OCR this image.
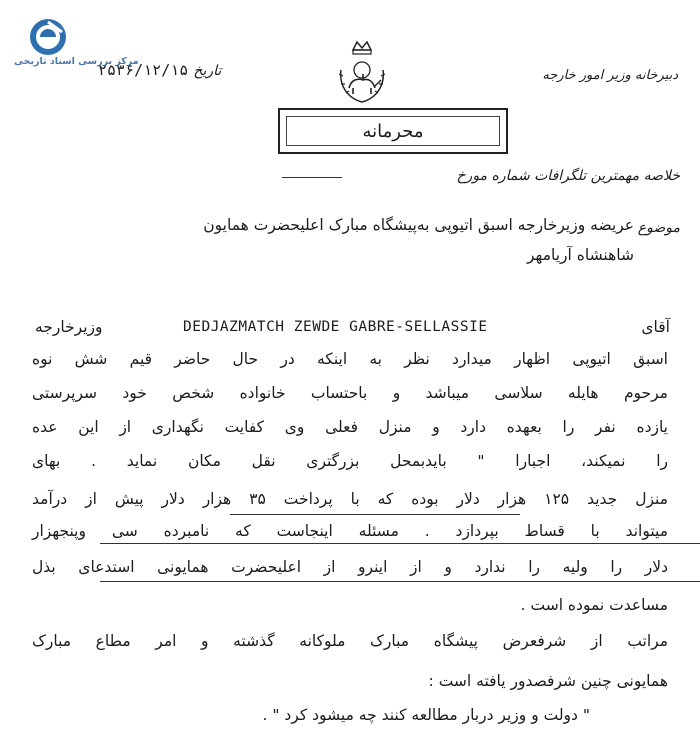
مرکز بررسی اسناد تاریخی
تاریخ ۲۵۳۶/۱۲/۱۵	دبیرخانه وزیر امور خارجه
محرمانه
خلاصه مهمترین تلگرافات شماره مورخ
موضوع
عریضه وزیرخارجه اسبق اتیوپی به‌پیشگاه مبارک اعلیحضرت همایون
شاهنشاه آریامهر
آقای
DEDJAZMATCH ZEWDE GABRE-SELLASSIE
وزیرخارجه
اسبق اتیوپی اظهار میدارد نظر به اینکه در حال حاضر قیم شش نوه
مرحوم هایله سلاسی میباشد و باحتساب خانواده شخص خود سرپرستی
یازده نفر را بعهده دارد و منزل فعلی وی کفایت نگهداری از این عده
را نمیکند، اجبارا " بایدبمحل بزرگتری نقل مکان نماید . بهای
منزل جدید ۱۲۵ هزار دلار بوده که با پرداخت ۳۵ هزار دلار پیش از درآمد
میتواند با قساط بپردازد . مسئله اینجاست که نامبرده سی وپنجهزار
دلار را ولیه را ندارد و از اینرو از اعلیحضرت همایونی استدعای بذل
مساعدت نموده است .
مراتب از شرفعرض پیشگاه مبارک ملوکانه گذشته و امر مطاع مبارک
همایونی چنین شرفصدور یافته است :
" دولت و وزیر دربار مطالعه کنند چه میشود کرد " .
